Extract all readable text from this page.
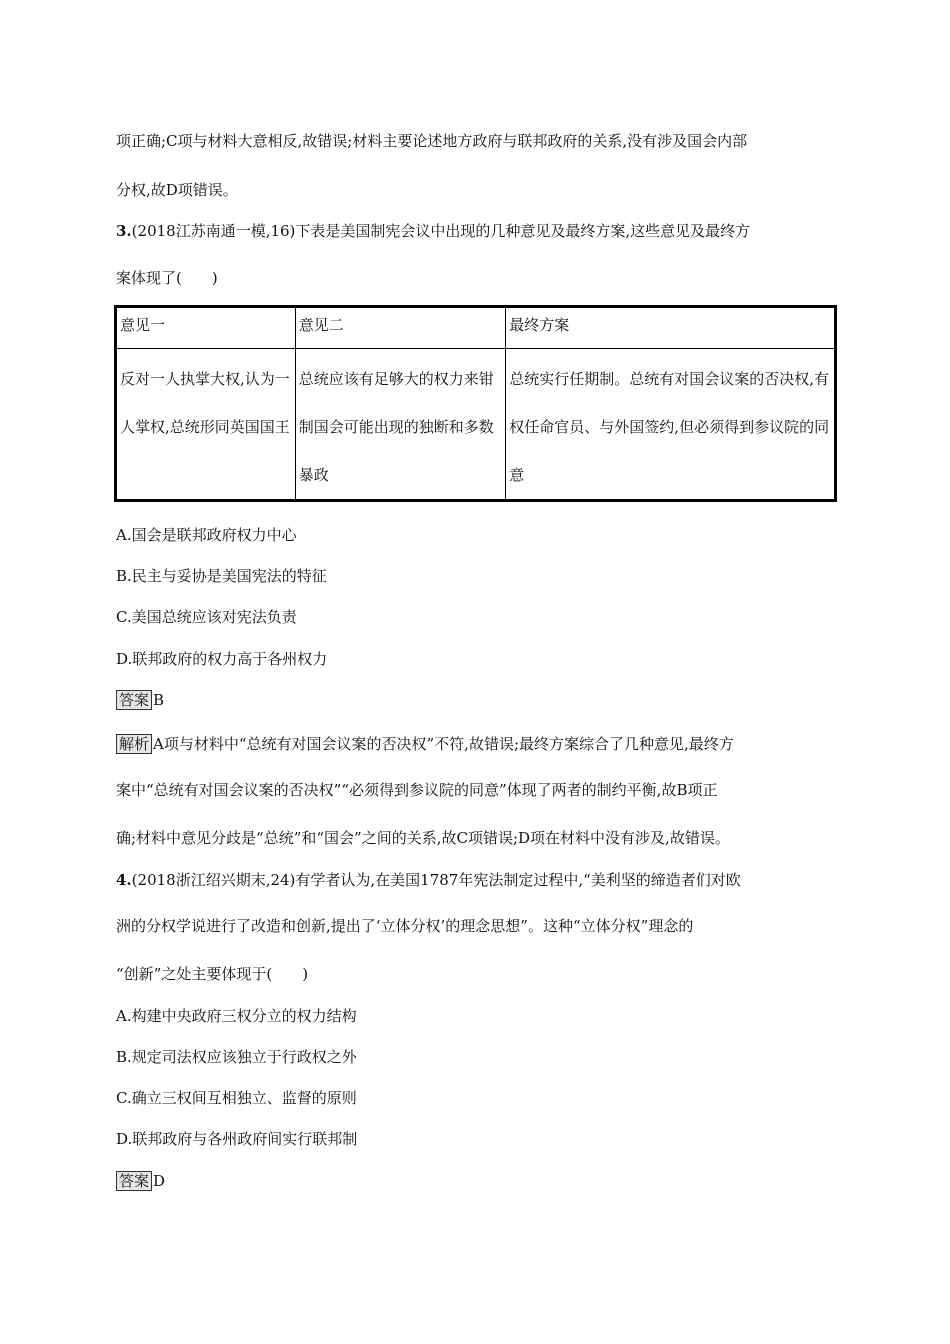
项正确;C项与材料大意相反,故错误;材料主要论述地方政府与联邦政府的关系,没有涉及国会内部
分权,故D项错误。
3.(2018江苏南通一模,16)下表是美国制宪会议中出现的几种意见及最终方案,这些意见及最终方
案体现了(　　)
意见一	意见二	最终方案
反对一人执掌大权,认为一人掌权,总统形同英国国王	总统应该有足够大的权力来钳制国会可能出现的独断和多数暴政	总统实行任期制。总统有对国会议案的否决权,有权任命官员、与外国签约,但必须得到参议院的同意
A.国会是联邦政府权力中心
B.民主与妥协是美国宪法的特征
C.美国总统应该对宪法负责
D.联邦政府的权力高于各州权力
答案 B
解析 A项与材料中“总统有对国会议案的否决权”不符,故错误;最终方案综合了几种意见,最终方
案中“总统有对国会议案的否决权”“必须得到参议院的同意”体现了两者的制约平衡,故B项正
确;材料中意见分歧是“总统”和“国会”之间的关系,故C项错误;D项在材料中没有涉及,故错误。
4.(2018浙江绍兴期末,24)有学者认为,在美国1787年宪法制定过程中,“美利坚的缔造者们对欧
洲的分权学说进行了改造和创新,提出了‘立体分权’的理念思想”。这种“立体分权”理念的
“创新”之处主要体现于(　　)
A.构建中央政府三权分立的权力结构
B.规定司法权应该独立于行政权之外
C.确立三权间互相独立、监督的原则
D.联邦政府与各州政府间实行联邦制
答案 D
